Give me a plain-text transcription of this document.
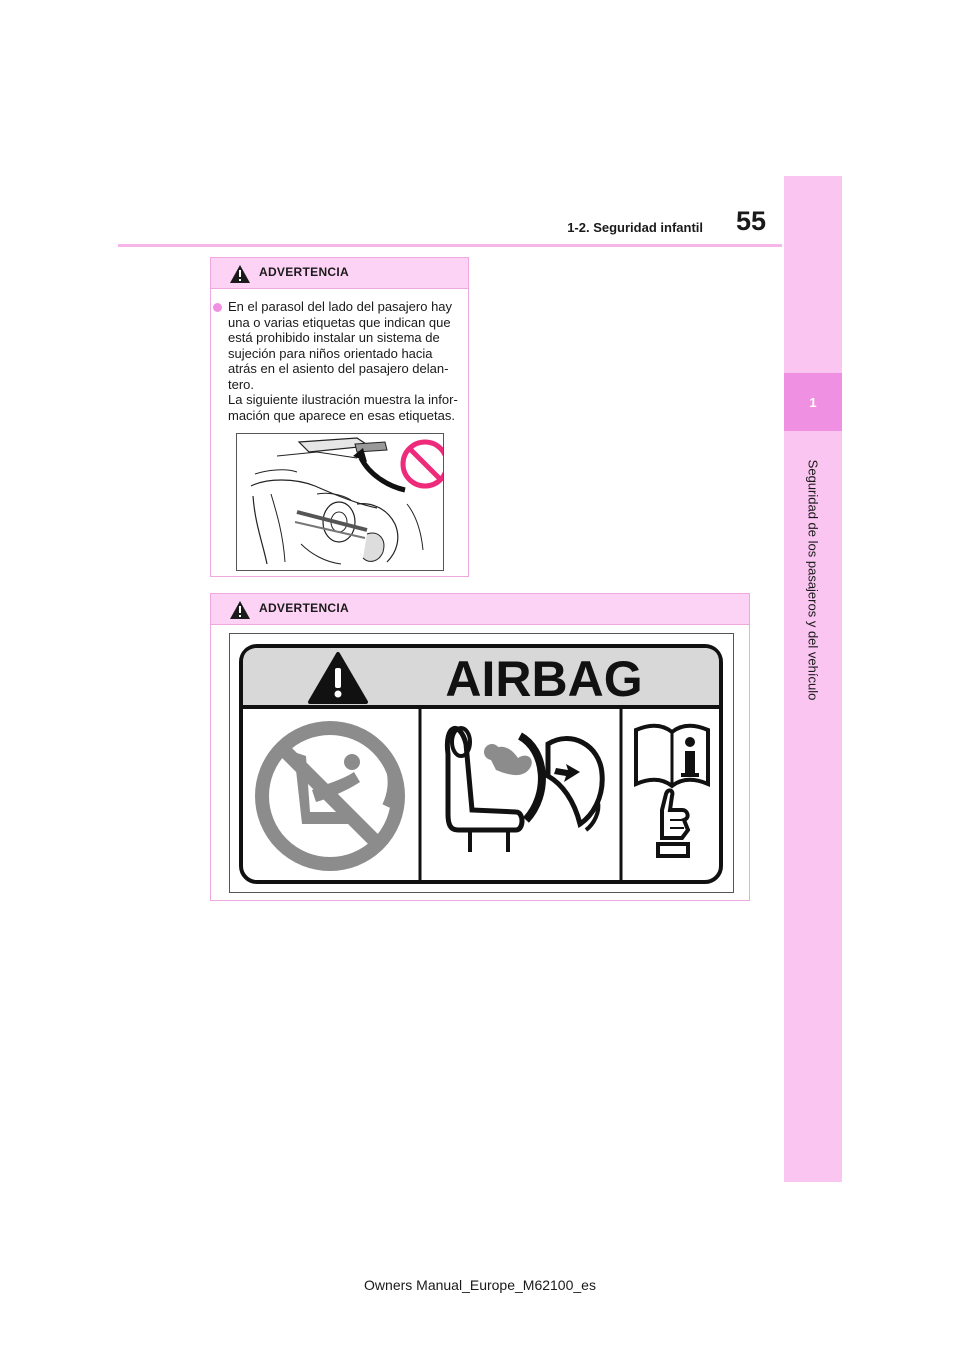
55
1-2. Seguridad infantil
1
Seguridad de los pasajeros y del vehículo
ADVERTENCIA
En el parasol del lado del pasajero hay
una o varias etiquetas que indican que
está prohibido instalar un sistema de
sujeción para niños orientado hacia
atrás en el asiento del pasajero delan-
tero.
La siguiente ilustración muestra la infor-
mación que aparece en esas etiquetas.
ADVERTENCIA
AIRBAG
Owners Manual_Europe_M62100_es
